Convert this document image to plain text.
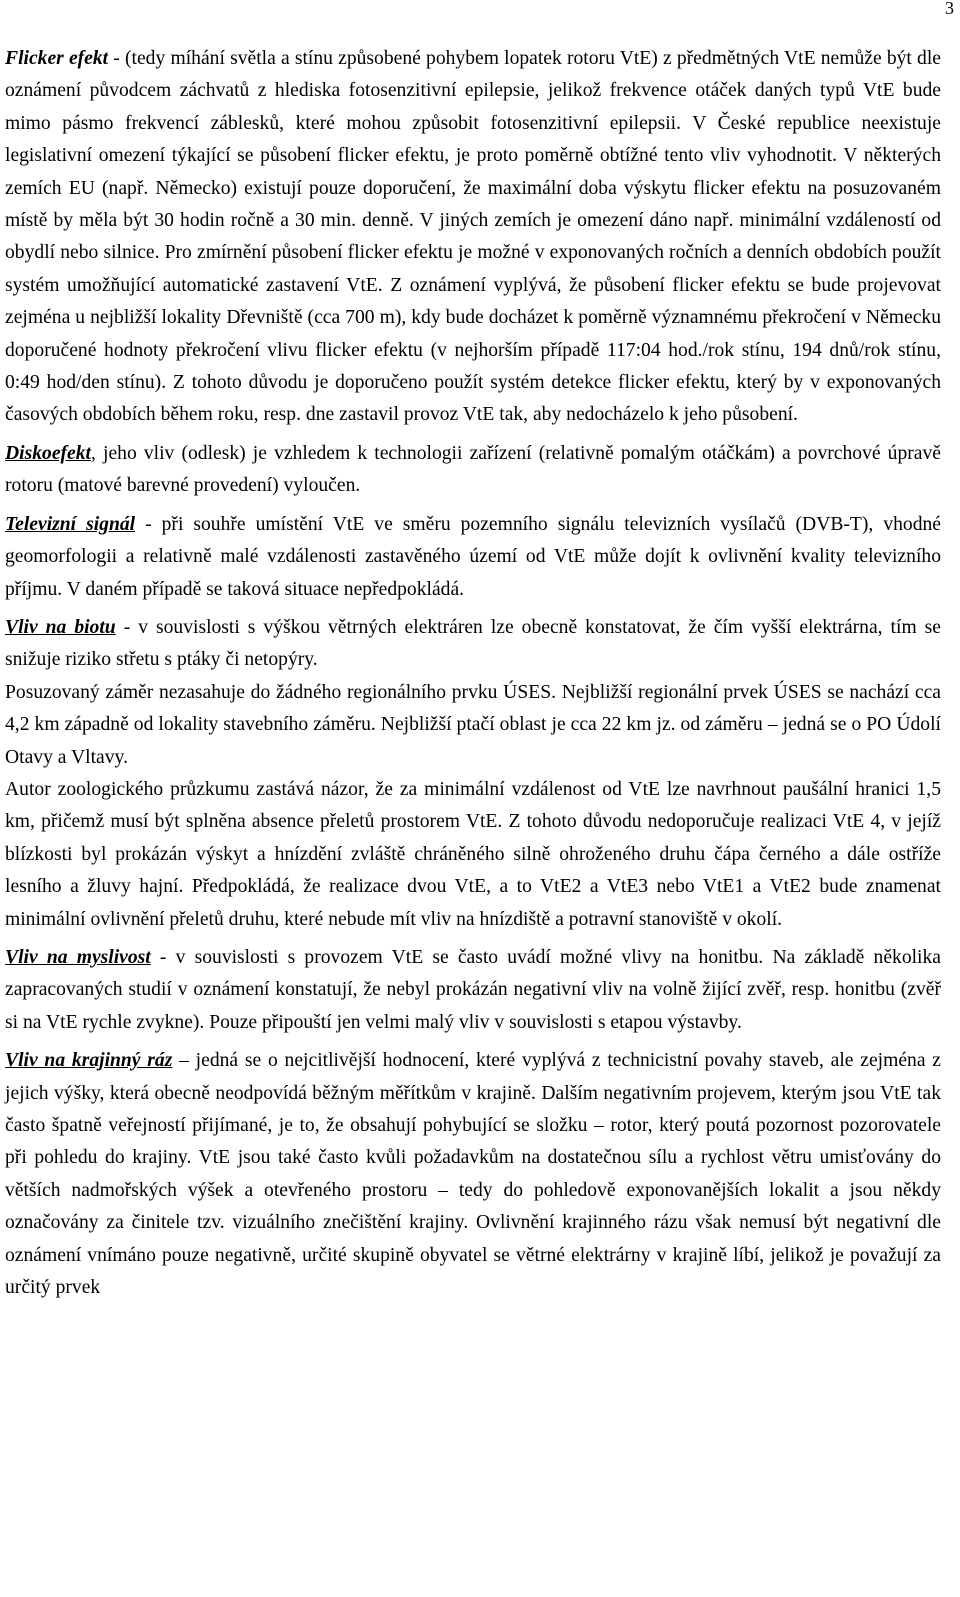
3

Flicker efekt - (tedy míhání světla a stínu způsobené pohybem lopatek rotoru VtE) z předmětných VtE nemůže být dle oznámení původcem záchvatů z hlediska fotosenzitivní epilepsie, jelikož frekvence otáček daných typů VtE bude mimo pásmo frekvencí záblesků, které mohou způsobit fotosenzitivní epilepsii. V České republice neexistuje legislativní omezení týkající se působení flicker efektu, je proto poměrně obtížné tento vliv vyhodnotit. V některých zemích EU (např. Německo) existují pouze doporučení, že maximální doba výskytu flicker efektu na posuzovaném místě by měla být 30 hodin ročně a 30 min. denně. V jiných zemích je omezení dáno např. minimální vzdáleností od obydlí nebo silnice. Pro zmírnění působení flicker efektu je možné v exponovaných ročních a denních obdobích použít systém umožňující automatické zastavení VtE. Z oznámení vyplývá, že působení flicker efektu se bude projevovat zejména u nejbližší lokality Dřevniště (cca 700 m), kdy bude docházet k poměrně významnému překročení v Německu doporučené hodnoty překročení vlivu flicker efektu (v nejhorším případě 117:04 hod./rok stínu, 194 dnů/rok stínu, 0:49 hod/den stínu). Z tohoto důvodu je doporučeno použít systém detekce flicker efektu, který by v exponovaných časových obdobích během roku, resp. dne zastavil provoz VtE tak, aby nedocházelo k jeho působení.

Diskoefekt, jeho vliv (odlesk) je vzhledem k technologii zařízení (relativně pomalým otáčkám) a povrchové úpravě rotoru (matové barevné provedení) vyloučen.

Televizní signál - při souhře umístění VtE ve směru pozemního signálu televizních vysílačů (DVB-T), vhodné geomorfologii a relativně malé vzdálenosti zastavěného území od VtE může dojít k ovlivnění kvality televizního příjmu. V daném případě se taková situace nepředpokládá.

Vliv na biotu - v souvislosti s výškou větrných elektráren lze obecně konstatovat, že čím vyšší elektrárna, tím se snižuje riziko střetu s ptáky či netopýry.

Posuzovaný záměr nezasahuje do žádného regionálního prvku ÚSES. Nejbližší regionální prvek ÚSES se nachází cca 4,2 km západně od lokality stavebního záměru. Nejbližší ptačí oblast je cca 22 km jz. od záměru – jedná se o PO Údolí Otavy a Vltavy.

Autor zoologického průzkumu zastává názor, že za minimální vzdálenost od VtE lze navrhnout paušální hranici 1,5 km, přičemž musí být splněna absence přeletů prostorem VtE. Z tohoto důvodu nedoporučuje realizaci VtE 4, v jejíž blízkosti byl prokázán výskyt a hnízdění zvláště chráněného silně ohroženého druhu čápa černého a dále ostříže lesního a žluvy hajní. Předpokládá, že realizace dvou VtE, a to VtE2 a VtE3 nebo VtE1 a VtE2 bude znamenat minimální ovlivnění přeletů druhu, které nebude mít vliv na hnízdiště a potravní stanoviště v okolí.

Vliv na myslivost - v souvislosti s provozem VtE se často uvádí možné vlivy na honitbu. Na základě několika zapracovaných studií v oznámení konstatují, že nebyl prokázán negativní vliv na volně žijící zvěř, resp. honitbu (zvěř si na VtE rychle zvykne). Pouze připouští jen velmi malý vliv v souvislosti s etapou výstavby.

Vliv na krajinný ráz – jedná se o nejcitlivější hodnocení, které vyplývá z technicistní povahy staveb, ale zejména z jejich výšky, která obecně neodpovídá běžným měřítkům v krajině. Dalším negativním projevem, kterým jsou VtE tak často špatně veřejností přijímané, je to, že obsahují pohybující se složku – rotor, který poutá pozornost pozorovatele při pohledu do krajiny. VtE jsou také často kvůli požadavkům na dostatečnou sílu a rychlost větru umisťovány do větších nadmořských výšek a otevřeného prostoru – tedy do pohledově exponovanějších lokalit a jsou někdy označovány za činitele tzv. vizuálního znečištění krajiny. Ovlivnění krajinného rázu však nemusí být negativní dle oznámení vnímáno pouze negativně, určité skupině obyvatel se větrné elektrárny v krajině líbí, jelikož je považují za určitý prvek
